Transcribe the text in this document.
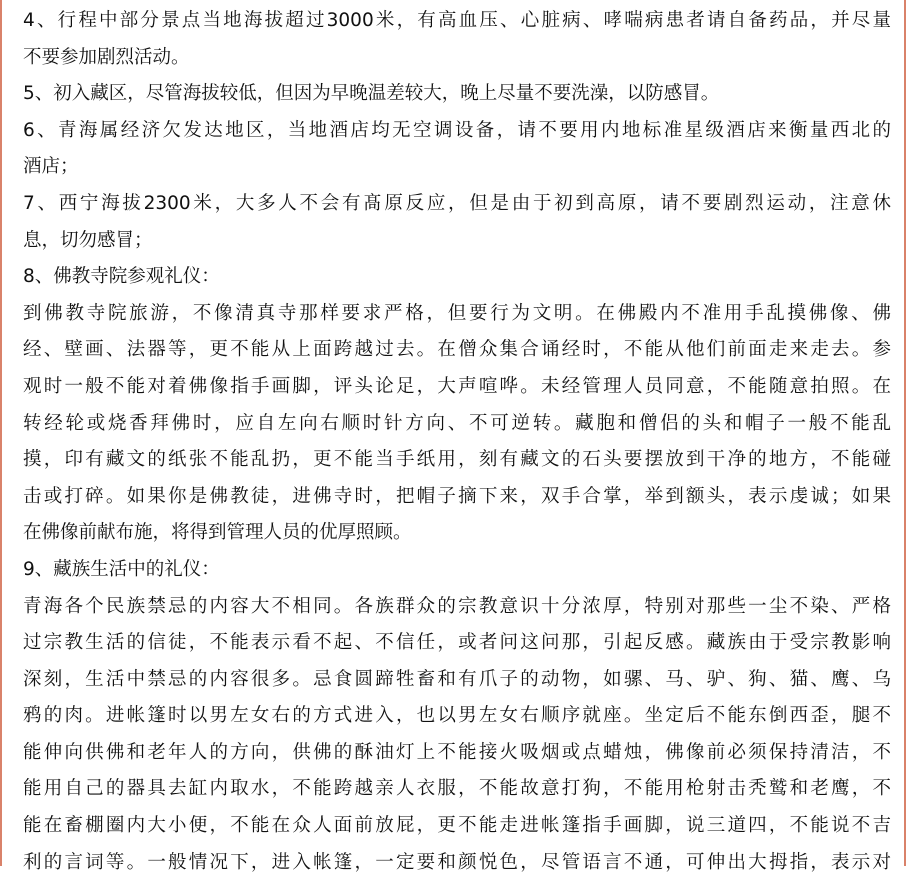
4、行程中部分景点当地海拔超过3000米，有高血压、心脏病、哮喘病患者请自备药品，并尽量
不要参加剧烈活动。
5、初入藏区，尽管海拔较低，但因为早晚温差较大，晚上尽量不要洗澡，以防感冒。
6、青海属经济欠发达地区，当地酒店均无空调设备，请不要用内地标准星级酒店来衡量西北的
酒店；
7、西宁海拔2300米，大多人不会有髙原反应，但是由于初到高原，请不要剧烈运动，注意休
息，切勿感冒；
8、佛教寺院参观礼仪：
到佛教寺院旅游，不像清真寺那样要求严格，但要行为文明。在佛殿内不准用手乱摸佛像、佛
经、壁画、法器等，更不能从上面跨越过去。在僧众集合诵经时，不能从他们前面走来走去。参
观时一般不能对着佛像指手画脚，评头论足，大声喧哗。未经管理人员同意，不能随意拍照。在
转经轮或烧香拜佛时，应自左向右顺时针方向、不可逆转。藏胞和僧侣的头和帽子一般不能乱
摸，印有藏文的纸张不能乱扔，更不能当手纸用，刻有藏文的石头要摆放到干净的地方，不能碰
击或打碎。如果你是佛教徒，进佛寺时，把帽子摘下来，双手合掌，举到额头，表示虔诚；如果
在佛像前献布施，将得到管理人员的优厚照顾。
9、藏族生活中的礼仪：
青海各个民族禁忌的内容大不相同。各族群众的宗教意识十分浓厚，特别对那些一尘不染、严格
过宗教生活的信徒，不能表示看不起、不信任，或者问这问那，引起反感。藏族由于受宗教影响
深刻，生活中禁忌的内容很多。忌食圆蹄牲畜和有爪子的动物，如骡、马、驴、狗、猫、鹰、乌
鸦的肉。进帐篷时以男左女右的方式进入，也以男左女右顺序就座。坐定后不能东倒西歪，腿不
能伸向供佛和老年人的方向，供佛的酥油灯上不能接火吸烟或点蜡烛，佛像前必须保持清洁，不
能用自己的器具去缸内取水，不能跨越亲人衣服，不能故意打狗，不能用枪射击秃鹫和老鹰，不
能在畜棚圈内大小便，不能在众人面前放屁，更不能走进帐篷指手画脚，说三道四，不能说不吉
利的言词等。一般情况下，进入帐篷，一定要和颜悦色，尽管语言不通，可伸出大拇指，表示对
